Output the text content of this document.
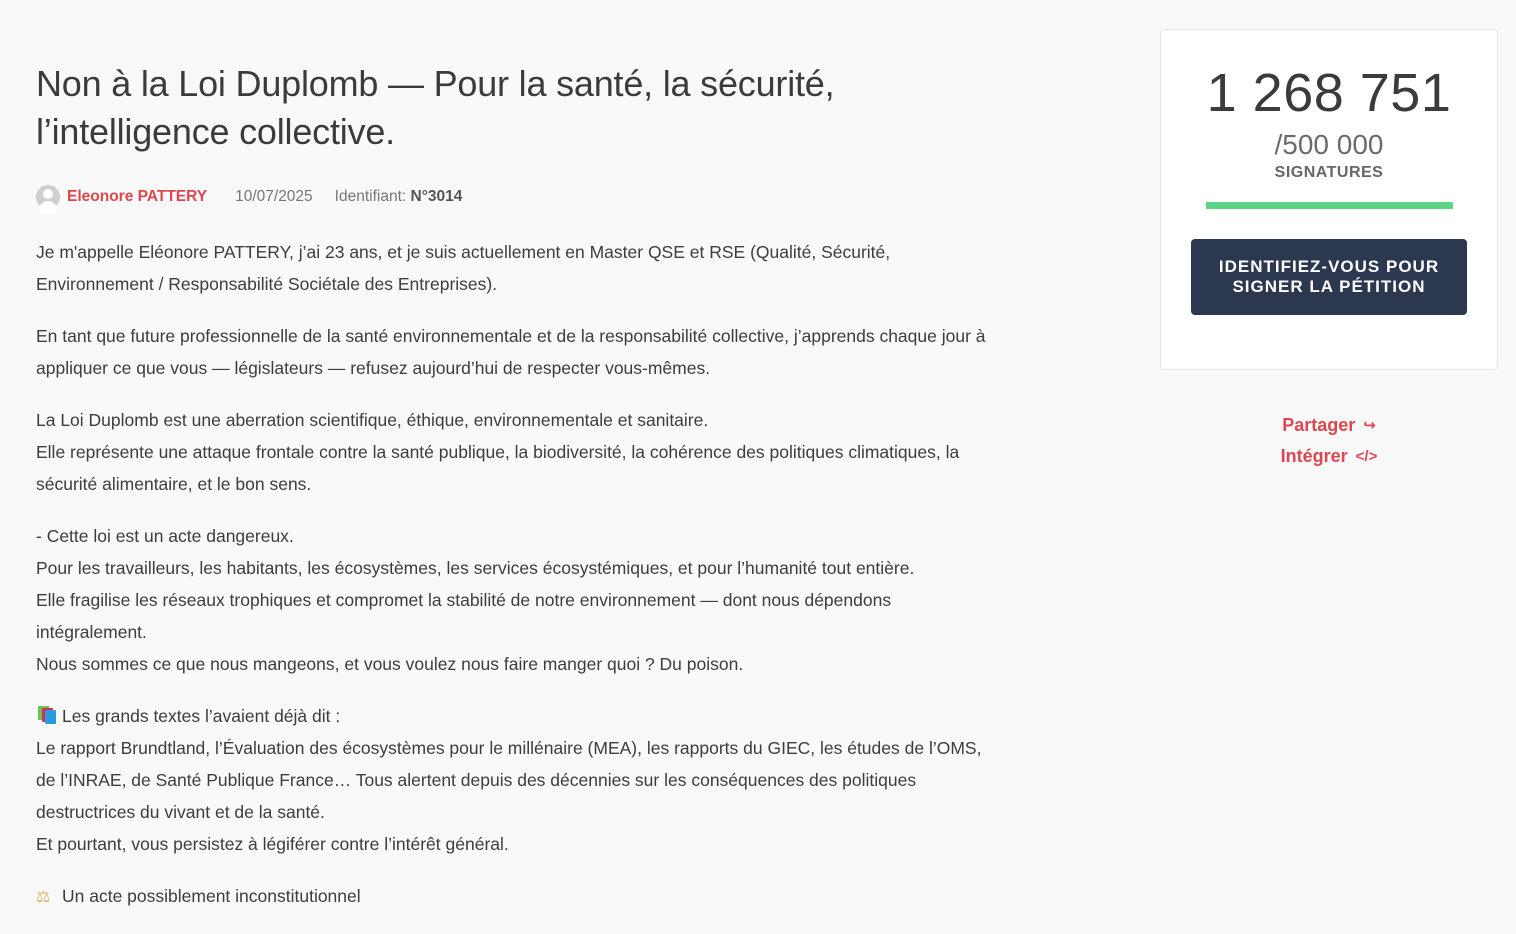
Non à la Loi Duplomb — Pour la santé, la sécurité, l’intelligence collective.
Eleonore PATTERY 10/07/2025 Identifiant: N°3014

Je m'appelle Eléonore PATTERY, j’ai 23 ans, et je suis actuellement en Master QSE et RSE (Qualité, Sécurité, Environnement / Responsabilité Sociétale des Entreprises).

En tant que future professionnelle de la santé environnementale et de la responsabilité collective, j’apprends chaque jour à appliquer ce que vous — législateurs — refusez aujourd’hui de respecter vous-mêmes.

La Loi Duplomb est une aberration scientifique, éthique, environnementale et sanitaire.
Elle représente une attaque frontale contre la santé publique, la biodiversité, la cohérence des politiques climatiques, la sécurité alimentaire, et le bon sens.

- Cette loi est un acte dangereux.
Pour les travailleurs, les habitants, les écosystèmes, les services écosystémiques, et pour l’humanité tout entière.
Elle fragilise les réseaux trophiques et compromet la stabilité de notre environnement — dont nous dépendons intégralement.
Nous sommes ce que nous mangeons, et vous voulez nous faire manger quoi ? Du poison.

Les grands textes l’avaient déjà dit :
Le rapport Brundtland, l’Évaluation des écosystèmes pour le millénaire (MEA), les rapports du GIEC, les études de l’OMS, de l’INRAE, de Santé Publique France… Tous alertent depuis des décennies sur les conséquences des politiques destructrices du vivant et de la santé.
Et pourtant, vous persistez à légiférer contre l’intérêt général.

⚖ Un acte possiblement inconstitutionnel

1 268 751
/500 000
SIGNATURES
IDENTIFIEZ-VOUS POUR SIGNER LA PÉTITION
Partager ↪
Intégrer </>
